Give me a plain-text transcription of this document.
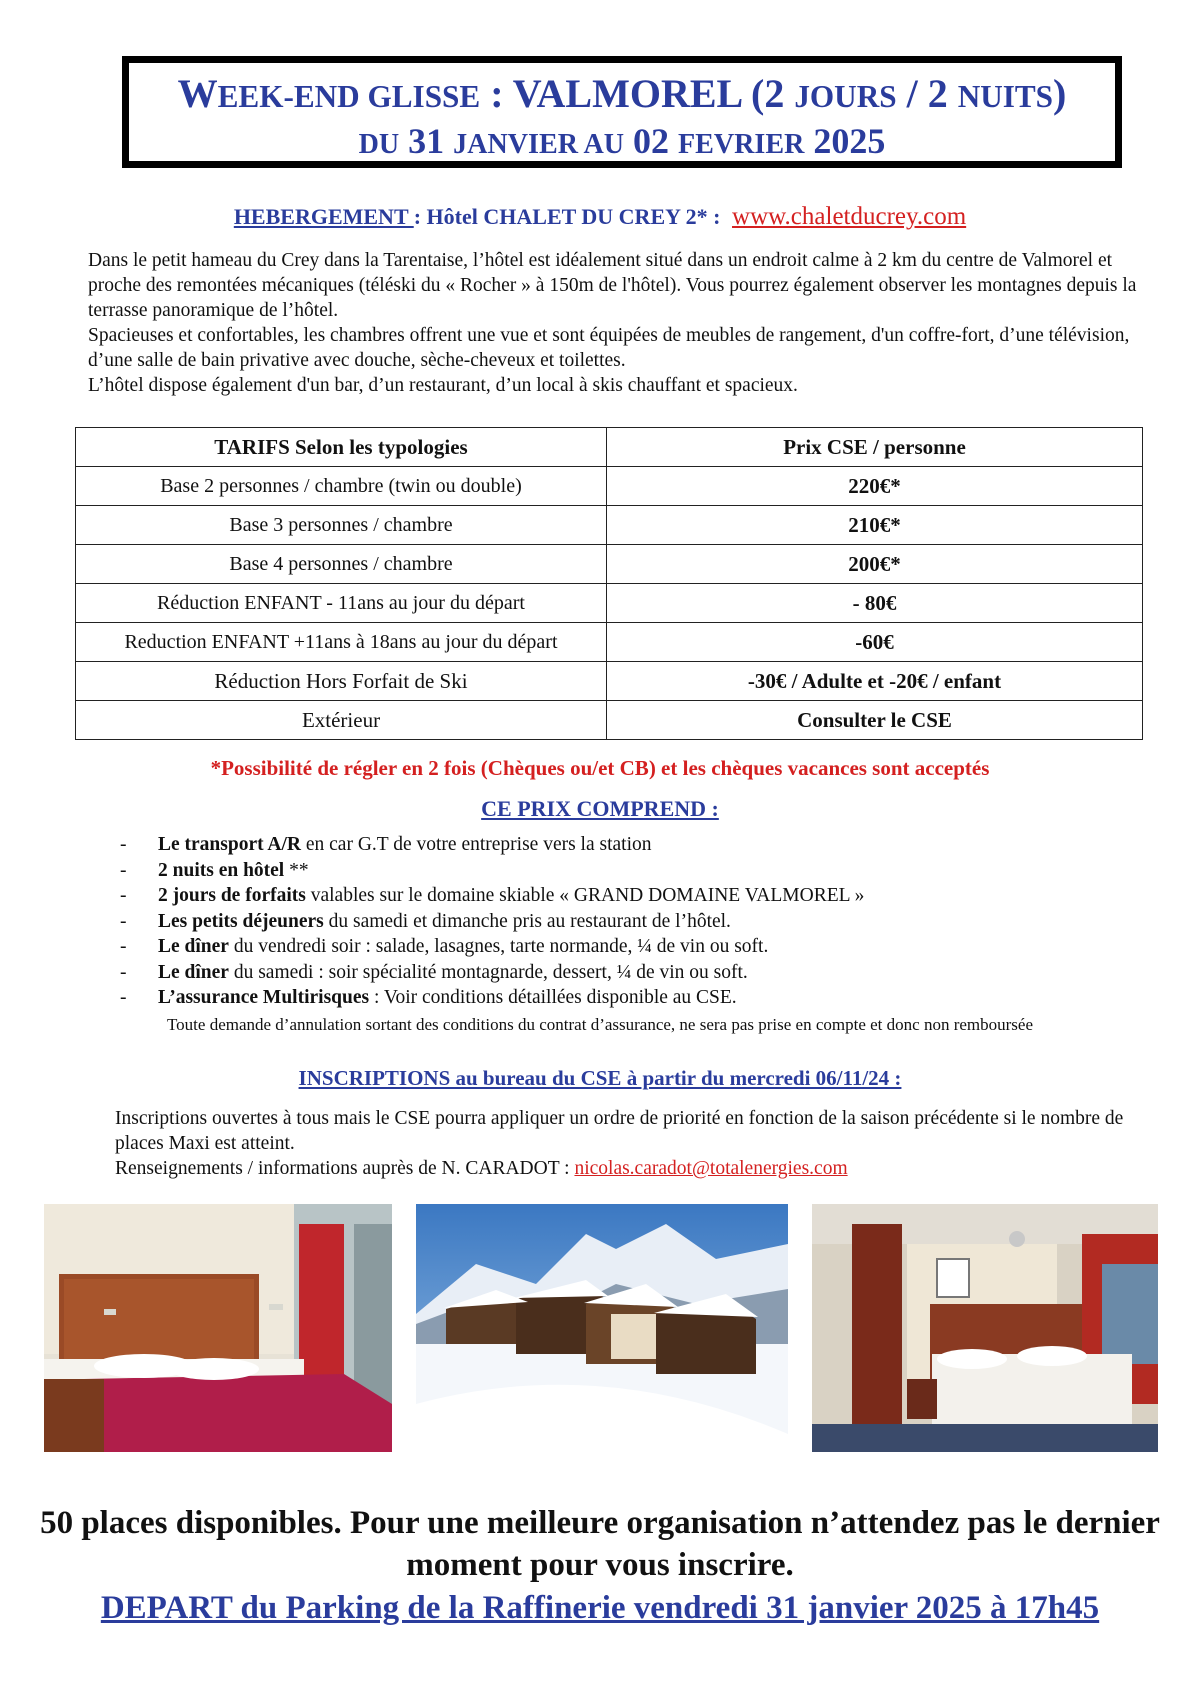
WEEK-END GLISSE : VALMOREL (2 JOURS / 2 NUITS)
DU 31 JANVIER AU 02 FEVRIER 2025
HEBERGEMENT : Hôtel CHALET DU CREY 2* : www.chaletducrey.com

Dans le petit hameau du Crey dans la Tarentaise, l’hôtel est idéalement situé dans un endroit calme à 2 km du centre de Valmorel et proche des remontées mécaniques (téléski du « Rocher » à 150m de l'hôtel). Vous pourrez également observer les montagnes depuis la terrasse panoramique de l’hôtel.

Spacieuses et confortables, les chambres offrent une vue et sont équipées de meubles de rangement, d'un coffre-fort, d’une télévision, d’une salle de bain privative avec douche, sèche-cheveux et toilettes.

L’hôtel dispose également d'un bar, d’un restaurant, d’un local à skis chauffant et spacieux.

TARIFS Selon les typologies	Prix CSE / personne
Base 2 personnes / chambre (twin ou double)	220€*
Base 3 personnes / chambre	210€*
Base 4 personnes / chambre	200€*
Réduction ENFANT - 11ans au jour du départ	- 80€
Reduction ENFANT +11ans à 18ans au jour du départ	-60€
Réduction Hors Forfait de Ski	-30€ / Adulte et -20€ / enfant
Extérieur	Consulter le CSE
*Possibilité de régler en 2 fois (Chèques ou/et CB) et les chèques vacances sont acceptés
CE PRIX COMPREND :
- Le transport A/R en car G.T de votre entreprise vers la station
- 2 nuits en hôtel **
- 2 jours de forfaits valables sur le domaine skiable « GRAND DOMAINE VALMOREL »
- Les petits déjeuners du samedi et dimanche pris au restaurant de l’hôtel.
- Le dîner du vendredi soir : salade, lasagnes, tarte normande, ¼ de vin ou soft.
- Le dîner du samedi : soir spécialité montagnarde, dessert, ¼ de vin ou soft.
- L’assurance Multirisques : Voir conditions détaillées disponible au CSE.
Toute demande d’annulation sortant des conditions du contrat d’assurance, ne sera pas prise en compte et donc non remboursée
INSCRIPTIONS au bureau du CSE à partir du mercredi 06/11/24 :

Inscriptions ouvertes à tous mais le CSE pourra appliquer un ordre de priorité en fonction de la saison précédente si le nombre de places Maxi est atteint.

Renseignements / informations auprès de N. CARADOT : nicolas.caradot@totalenergies.com

50 places disponibles. Pour une meilleure organisation n’attendez pas le dernier moment pour vous inscrire.
DEPART du Parking de la Raffinerie vendredi 31 janvier 2025 à 17h45
